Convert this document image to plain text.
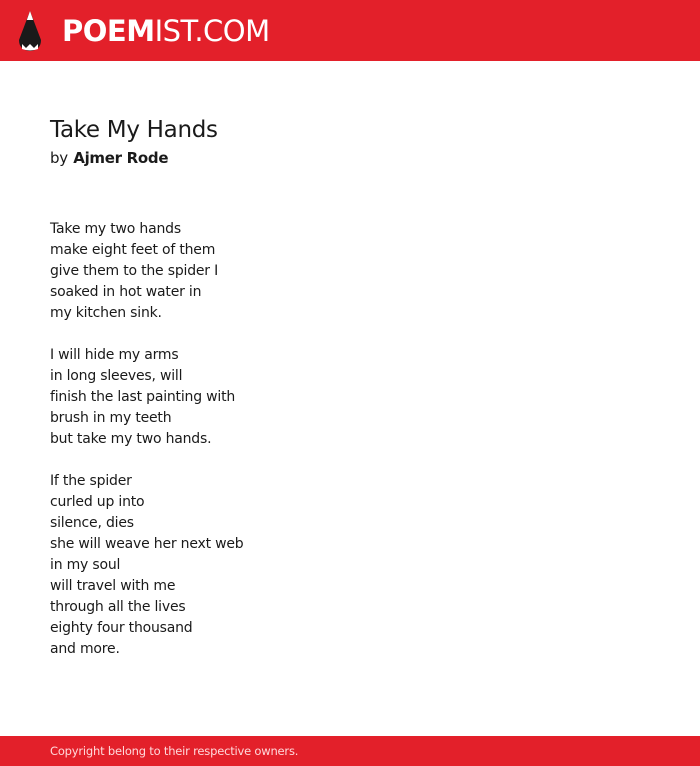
POEMIST.COM
Take My Hands
by Ajmer Rode

Take my two hands
make eight feet of them
give them to the spider I
soaked in hot water in
my kitchen sink.

I will hide my arms
in long sleeves, will
finish the last painting with
brush in my teeth
but take my two hands.

If the spider
curled up into
silence, dies
she will weave her next web
in my soul
will travel with me
through all the lives
eighty four thousand
and more.

Copyright belong to their respective owners.
